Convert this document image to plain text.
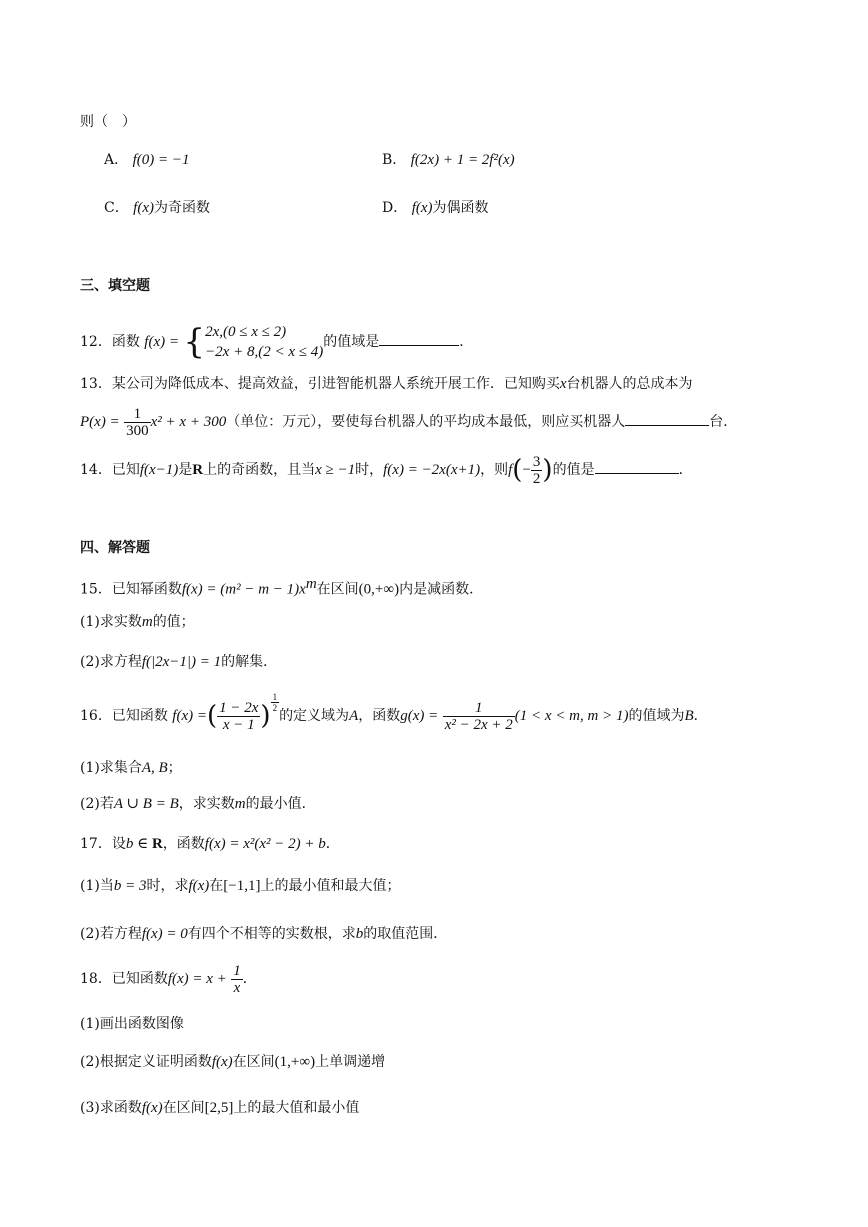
则（　）
A． f(0) = −1	B． f(2x) + 1 = 2f²(x)
C． f(x)为奇函数	D． f(x)为偶函数
三、填空题
12．函数 f(x) = { 2x,(0 ≤ x ≤ 2)
−2x + 8,(2 < x ≤ 4)
的值域是	．
13．某公司为降低成本、提高效益，引进智能机器人系统开展工作．已知购买x台机器人的总成本为
$P(x) = \frac{1}{300} x^2 + x + 300$（单位：万元），要使每台机器人的平均成本最低，则应买机器人	台．
14．已知f(x−1)是R上的奇函数，且当x ≥ −1时，f(x) = −2x(x+1)，则$f(- \frac{3}{2}$ )的值是	．
四、解答题
15．已知幂函数$f(x) = (m^2 - m - 1)x^m$在区间(0,+∞)内是减函数．
(1)求实数m的值；
(2)求方程f(|2x−1|) = 1的解集．
16．已知函数 f(x) =( $\frac{1 - 2x}{x - 1}$ ) $\frac{1}{2}$
的定义域为A，函数$g(x) = \frac{1}{\text{x² − 2x + 2}} (1 < x < m$, m > 1)的值域为B．
(1)求集合A, B；
(2)若A ∪ B = B，求实数m的最小值．
17．设b ∈ R，函数f(x) = x²(x² − 2) + b．
(1)当b = 3时，求f(x)在[−1,1]上的最小值和最大值；
(2)若方程f(x) = 0有四个不相等的实数根，求b的取值范围．
18．已知函数$f(x) = x + \frac{1}{x}$ ．
(1)画出函数图像
(2)根据定义证明函数f(x)在区间(1,+∞)上单调递增
(3)求函数f(x)在区间[2,5]上的最大值和最小值
